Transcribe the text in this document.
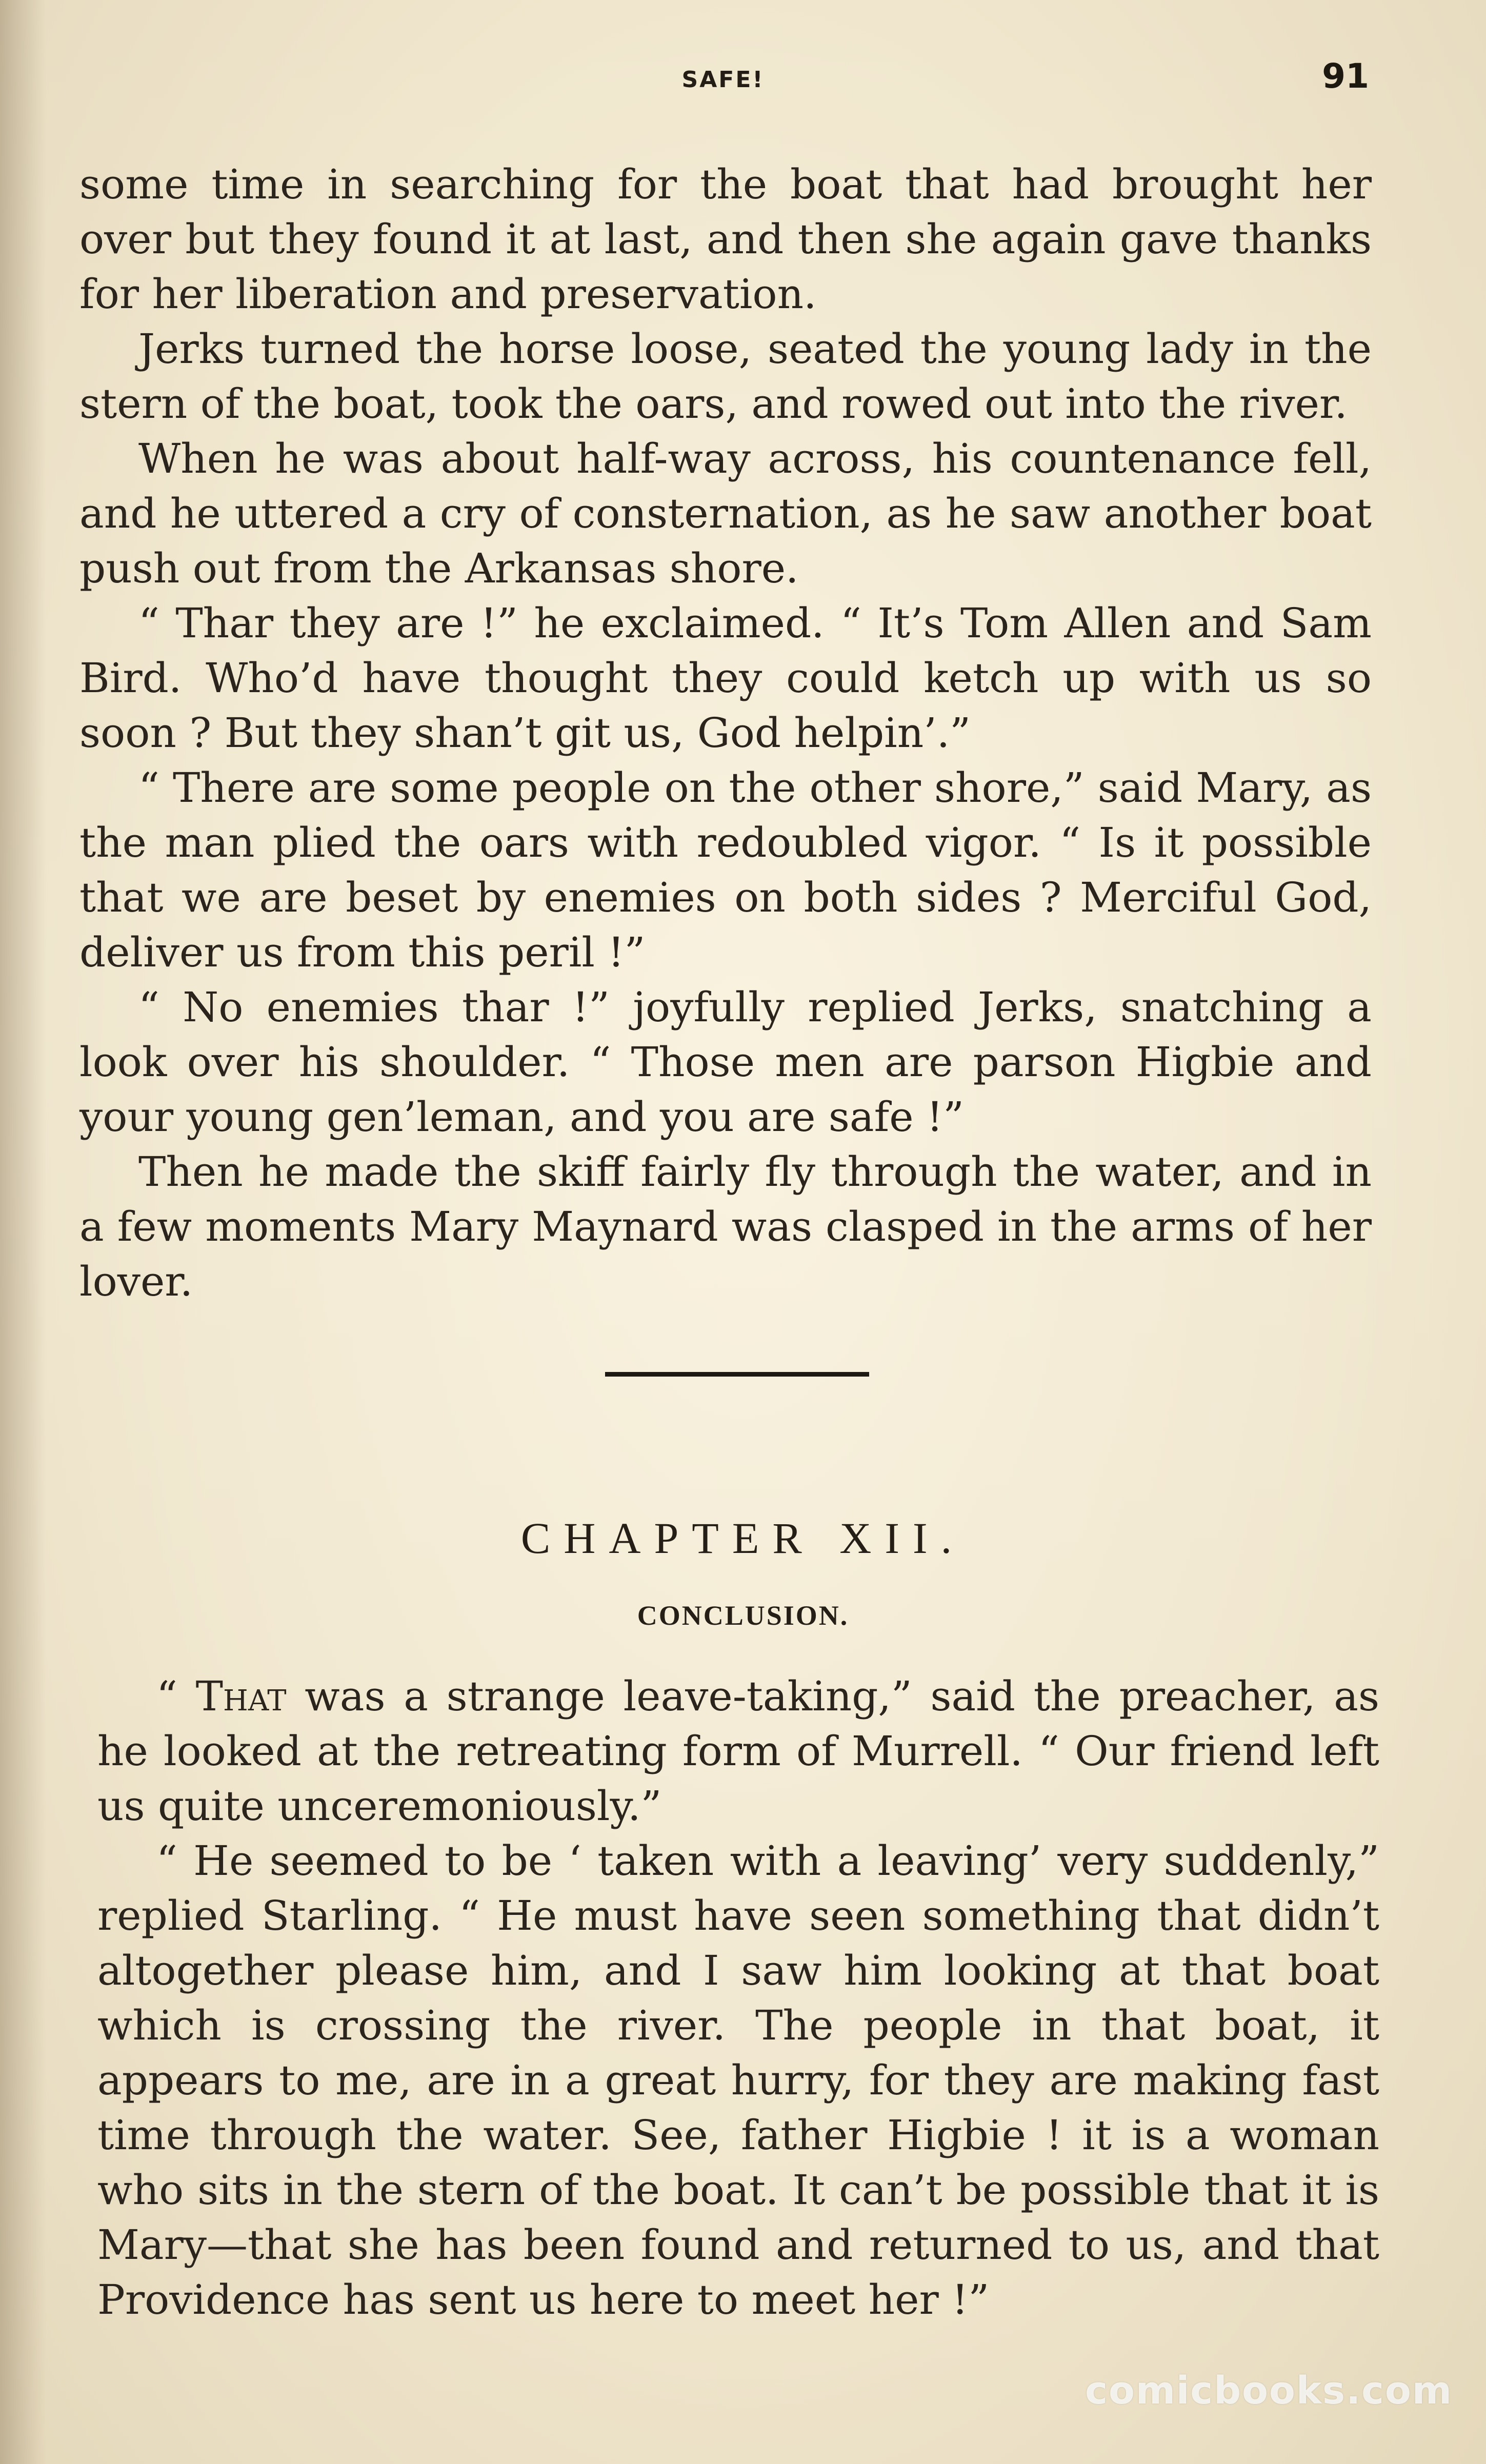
SAFE!	91

some time in searching for the boat that had brought her over but they found it at last, and then she again gave thanks for her liberation and preservation.

Jerks turned the horse loose, seated the young lady in the stern of the boat, took the oars, and rowed out into the river.

When he was about half-way across, his countenance fell, and he uttered a cry of consternation, as he saw another boat push out from the Arkansas shore.

“ Thar they are !” he exclaimed. “ It’s Tom Allen and Sam Bird. Who’d have thought they could ketch up with us so soon ? But they shan’t git us, God helpin’.”

“ There are some people on the other shore,” said Mary, as the man plied the oars with redoubled vigor. “ Is it possible that we are beset by enemies on both sides ? Merciful God, deliver us from this peril !”

“ No enemies thar !” joyfully replied Jerks, snatching a look over his shoulder. “ Those men are parson Higbie and your young gen’leman, and you are safe !”

Then he made the skiff fairly fly through the water, and in a few moments Mary Maynard was clasped in the arms of her lover.

CHAPTER XII.
CONCLUSION.

“ That was a strange leave-taking,” said the preacher, as he looked at the retreating form of Murrell. “ Our friend left us quite unceremoniously.”

“ He seemed to be ‘ taken with a leaving’ very suddenly,” replied Starling. “ He must have seen something that didn’t altogether please him, and I saw him looking at that boat which is crossing the river. The people in that boat, it appears to me, are in a great hurry, for they are making fast time through the water. See, father Higbie ! it is a woman who sits in the stern of the boat. It can’t be possible that it is Mary—that she has been found and returned to us, and that Providence has sent us here to meet her !”

comicbooks.com
